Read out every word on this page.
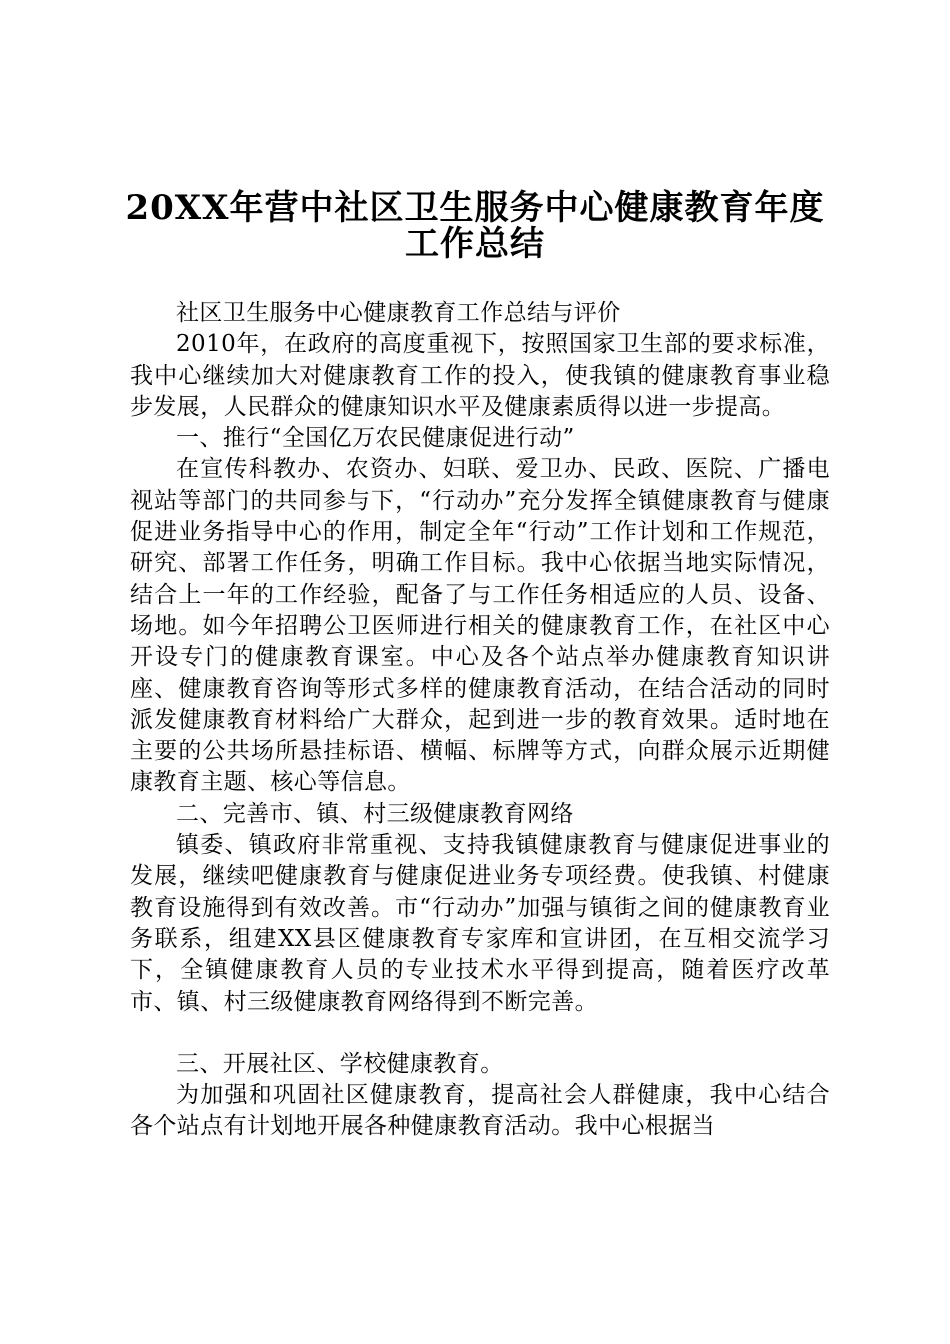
20XX年营中社区卫生服务中心健康教育年度
工作总结

社区卫生服务中心健康教育工作总结与评价

2010年，在政府的高度重视下，按照国家卫生部的要求标准，我中心继续加大对健康教育工作的投入，使我镇的健康教育事业稳步发展，人民群众的健康知识水平及健康素质得以进一步提高。

一、推行“全国亿万农民健康促进行动”

在宣传科教办、农资办、妇联、爱卫办、民政、医院、广播电视站等部门的共同参与下，“行动办”充分发挥全镇健康教育与健康促进业务指导中心的作用，制定全年“行动”工作计划和工作规范，研究、部署工作任务，明确工作目标。我中心依据当地实际情况，结合上一年的工作经验，配备了与工作任务相适应的人员、设备、场地。如今年招聘公卫医师进行相关的健康教育工作，在社区中心开设专门的健康教育课室。中心及各个站点举办健康教育知识讲座、健康教育咨询等形式多样的健康教育活动，在结合活动的同时派发健康教育材料给广大群众，起到进一步的教育效果。适时地在主要的公共场所悬挂标语、横幅、标牌等方式，向群众展示近期健康教育主题、核心等信息。

二、完善市、镇、村三级健康教育网络

镇委、镇政府非常重视、支持我镇健康教育与健康促进事业的发展，继续吧健康教育与健康促进业务专项经费。使我镇、村健康教育设施得到有效改善。市“行动办”加强与镇街之间的健康教育业务联系，组建XX县区健康教育专家库和宣讲团，在互相交流学习下，全镇健康教育人员的专业技术水平得到提高，随着医疗改革市、镇、村三级健康教育网络得到不断完善。

三、开展社区、学校健康教育。

为加强和巩固社区健康教育，提高社会人群健康，我中心结合各个站点有计划地开展各种健康教育活动。我中心根据当
